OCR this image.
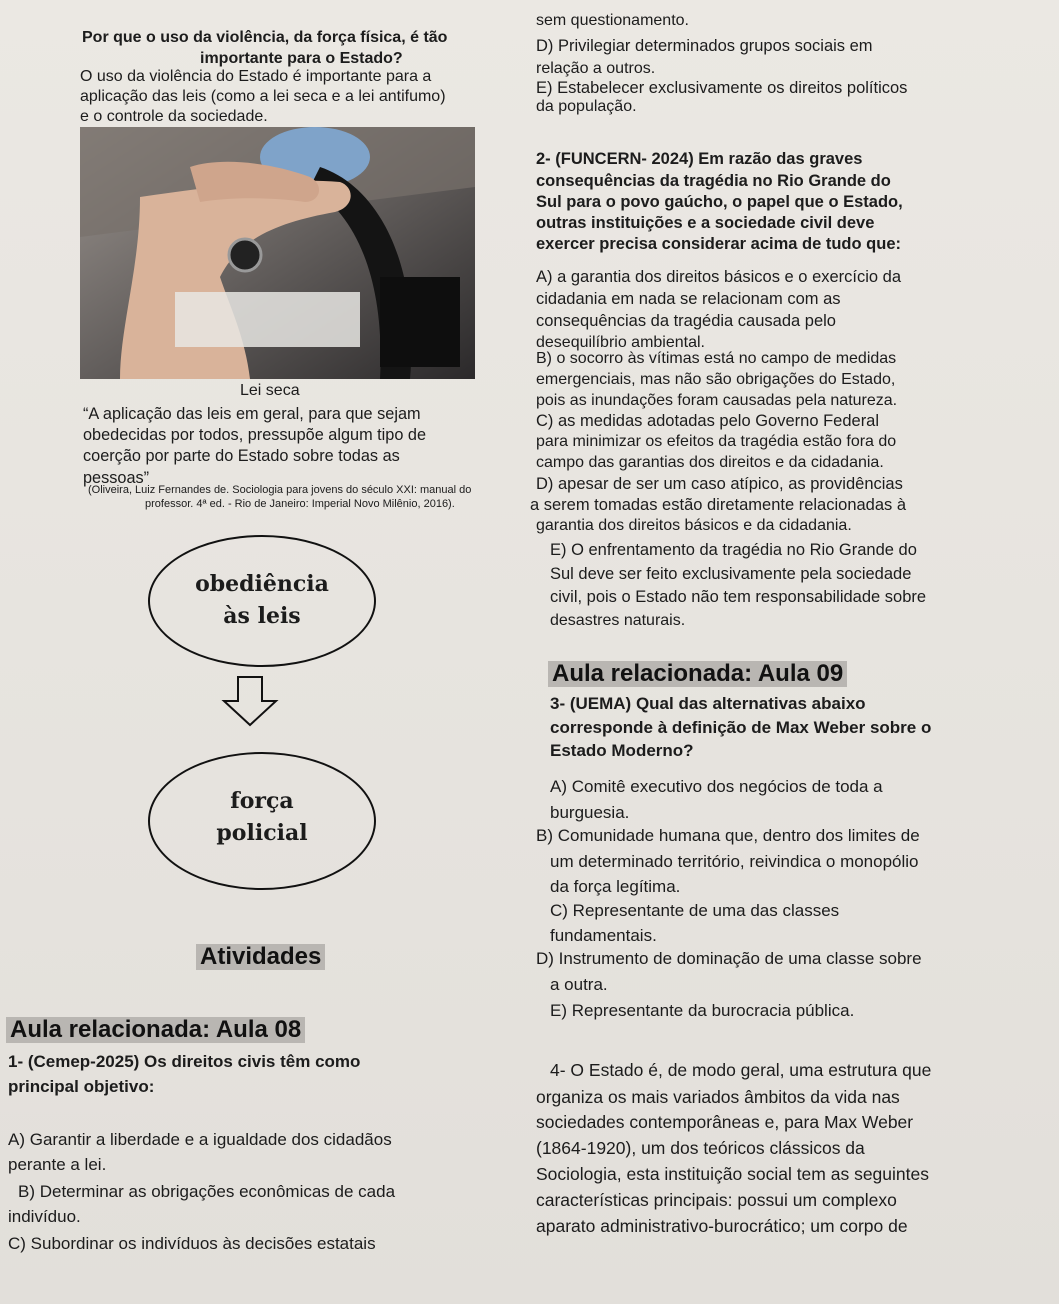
Por que o uso da violência, da força física, é tão
importante para o Estado?
O uso da violência do Estado é importante para a
aplicação das leis (como a lei seca e a lei antifumo)
e o controle da sociedade.
Lei seca
“A aplicação das leis em geral, para que sejam
obedecidas por todos, pressupõe algum tipo de
coerção por parte do Estado sobre todas as
pessoas”
(Oliveira, Luiz Fernandes de. Sociologia para jovens do século XXI: manual do
professor. 4ª ed. - Rio de Janeiro: Imperial Novo Milênio, 2016).
obediência
às leis
força
policial
Atividades
Aula relacionada: Aula 08
1- (Cemep-2025) Os direitos civis têm como
principal objetivo:
A) Garantir a liberdade e a igualdade dos cidadãos
perante a lei.
B) Determinar as obrigações econômicas de cada
indivíduo.
C) Subordinar os indivíduos às decisões estatais
sem questionamento.
D) Privilegiar determinados grupos sociais em
relação a outros.
E) Estabelecer exclusivamente os direitos políticos
da população.
2- (FUNCERN- 2024) Em razão das graves
consequências da tragédia no Rio Grande do
Sul para o povo gaúcho, o papel que o Estado,
outras instituições e a sociedade civil deve
exercer precisa considerar acima de tudo que:
A) a garantia dos direitos básicos e o exercício da
cidadania em nada se relacionam com as
consequências da tragédia causada pelo
desequilíbrio ambiental.
B) o socorro às vítimas está no campo de medidas
emergenciais, mas não são obrigações do Estado,
pois as inundações foram causadas pela natureza.
C) as medidas adotadas pelo Governo Federal
para minimizar os efeitos da tragédia estão fora do
campo das garantias dos direitos e da cidadania.
D) apesar de ser um caso atípico, as providências
a serem tomadas estão diretamente relacionadas à
garantia dos direitos básicos e da cidadania.
E) O enfrentamento da tragédia no Rio Grande do
Sul deve ser feito exclusivamente pela sociedade
civil, pois o Estado não tem responsabilidade sobre
desastres naturais.
Aula relacionada: Aula 09
3- (UEMA) Qual das alternativas abaixo
corresponde à definição de Max Weber sobre o
Estado Moderno?
A) Comitê executivo dos negócios de toda a
burguesia.
B) Comunidade humana que, dentro dos limites de
um determinado território, reivindica o monopólio
da força legítima.
C) Representante de uma das classes
fundamentais.
D) Instrumento de dominação de uma classe sobre
a outra.
E) Representante da burocracia pública.
4- O Estado é, de modo geral, uma estrutura que
organiza os mais variados âmbitos da vida nas
sociedades contemporâneas e, para Max Weber
(1864-1920), um dos teóricos clássicos da
Sociologia, esta instituição social tem as seguintes
características principais: possui um complexo
aparato administrativo-burocrático; um corpo de
